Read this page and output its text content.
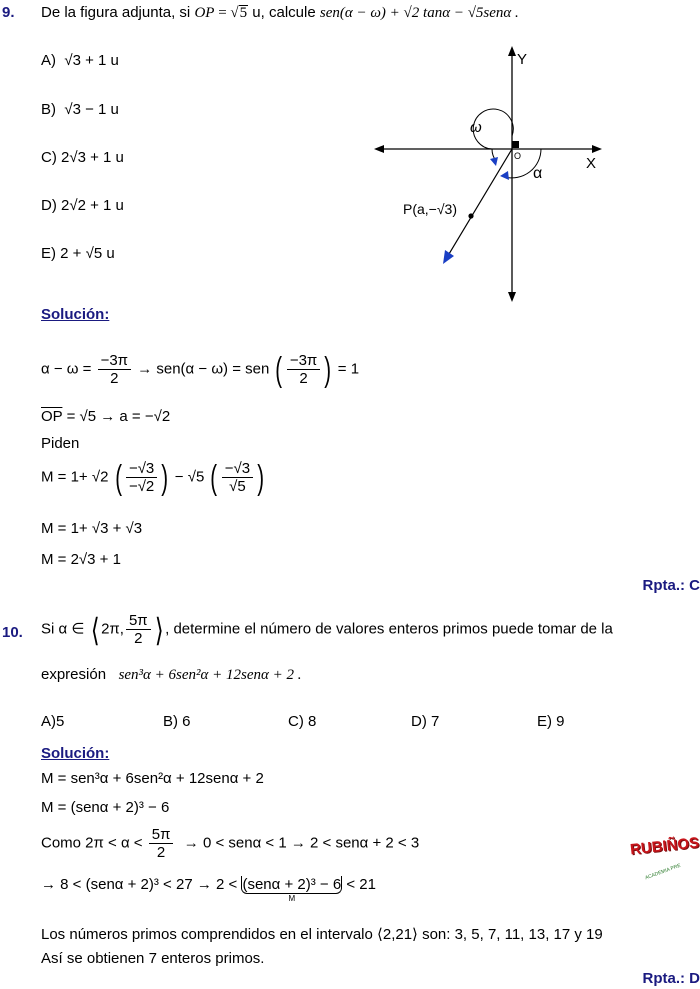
9. De la figura adjunta, si OP = √5 u, calcule sen(α − ω) + √2 tanα − √5senα .
A) √3 + 1 u
B) √3 − 1 u
C) 2√3 + 1 u
D) 2√2 + 1 u
E) 2 + √5 u
Y
X
O
P(a,−√3)
ω
α
Solución:
$\alpha - \omega = \frac{-3\pi}{2} \to sen(\alpha - \omega)$ = sen ( $\frac{-3\pi}{2}$ ) = 1
$\overline{OP} = √5 \to a = -√2$
Piden
M = 1+ √2 ( $\frac{-√3}{-√2}$ ) − √5 ( $\frac{-√3}{√5}$ )
M = 1+ √3 + √3
M = 2√3 + 1
Rpta.: C
10. Si α ∈ ⟨ 2π, $\frac{5\pi}{2}$ ⟩ , determine el número de valores enteros primos puede tomar de la
expresión sen³α + 6sen²α + 12senα + 2 .
A)5	B) 6	C) 8	D) 7	E) 9
Solución:
M = sen³α + 6sen²α + 12senα + 2
M = (senα + 2)³ − 6
Como $2\pi < \alpha < \frac{5\pi}{2} \to 0 < sen\alpha < 1 \to 2 < sen\alpha + 2 < 3$
→ 8 < (senα + 2)³ < 27 → 2 < (senα + 2)³ − 6
M
< 21
Los números primos comprendidos en el intervalo ⟨2,21⟩ son: 3, 5, 7, 11, 13, 17 y 19
Así se obtienen 7 enteros primos.
Rpta.: D
RUBIÑOS
ACADEMIA PRE
